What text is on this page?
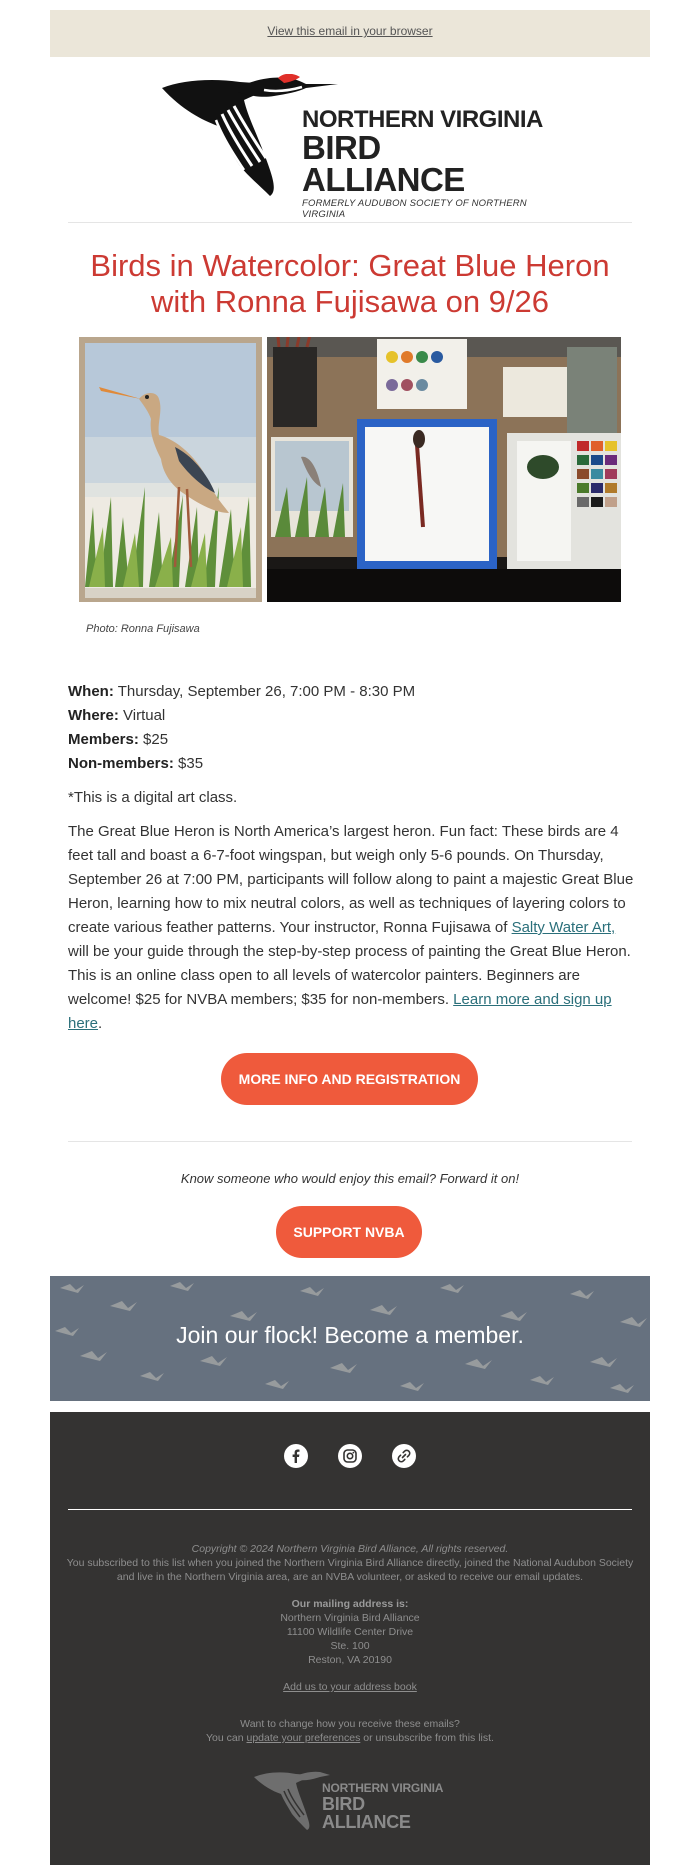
View this email in your browser
NORTHERN VIRGINIA
BIRD ALLIANCE
FORMERLY AUDUBON SOCIETY OF NORTHERN VIRGINIA
Birds in Watercolor: Great Blue Heron with Ronna Fujisawa on 9/26
Photo: Ronna Fujisawa
When: Thursday, September 26, 7:00 PM - 8:30 PM
Where: Virtual
Members: $25
Non-members: $35
*This is a digital art class.
The Great Blue Heron is North America’s largest heron. Fun fact: These birds are 4 feet tall and boast a 6-7-foot wingspan, but weigh only 5-6 pounds. On Thursday, September 26 at 7:00 PM, participants will follow along to paint a majestic Great Blue Heron, learning how to mix neutral colors, as well as techniques of layering colors to create various feather patterns. Your instructor, Ronna Fujisawa of Salty Water Art, will be your guide through the step-by-step process of painting the Great Blue Heron. This is an online class open to all levels of watercolor painters. Beginners are welcome! $25 for NVBA members; $35 for non-members. Learn more and sign up here.
MORE INFO AND REGISTRATION
Know someone who would enjoy this email? Forward it on!
SUPPORT NVBA
Join our flock! Become a member.
Copyright © 2024 Northern Virginia Bird Alliance, All rights reserved.
You subscribed to this list when you joined the Northern Virginia Bird Alliance directly, joined the National Audubon Society
and live in the Northern Virginia area, are an NVBA volunteer, or asked to receive our email updates.
Our mailing address is:
Northern Virginia Bird Alliance
11100 Wildlife Center Drive
Ste. 100
Reston, VA 20190
Add us to your address book
Want to change how you receive these emails?
You can update your preferences or unsubscribe from this list.
NORTHERN VIRGINIA
BIRD ALLIANCE
